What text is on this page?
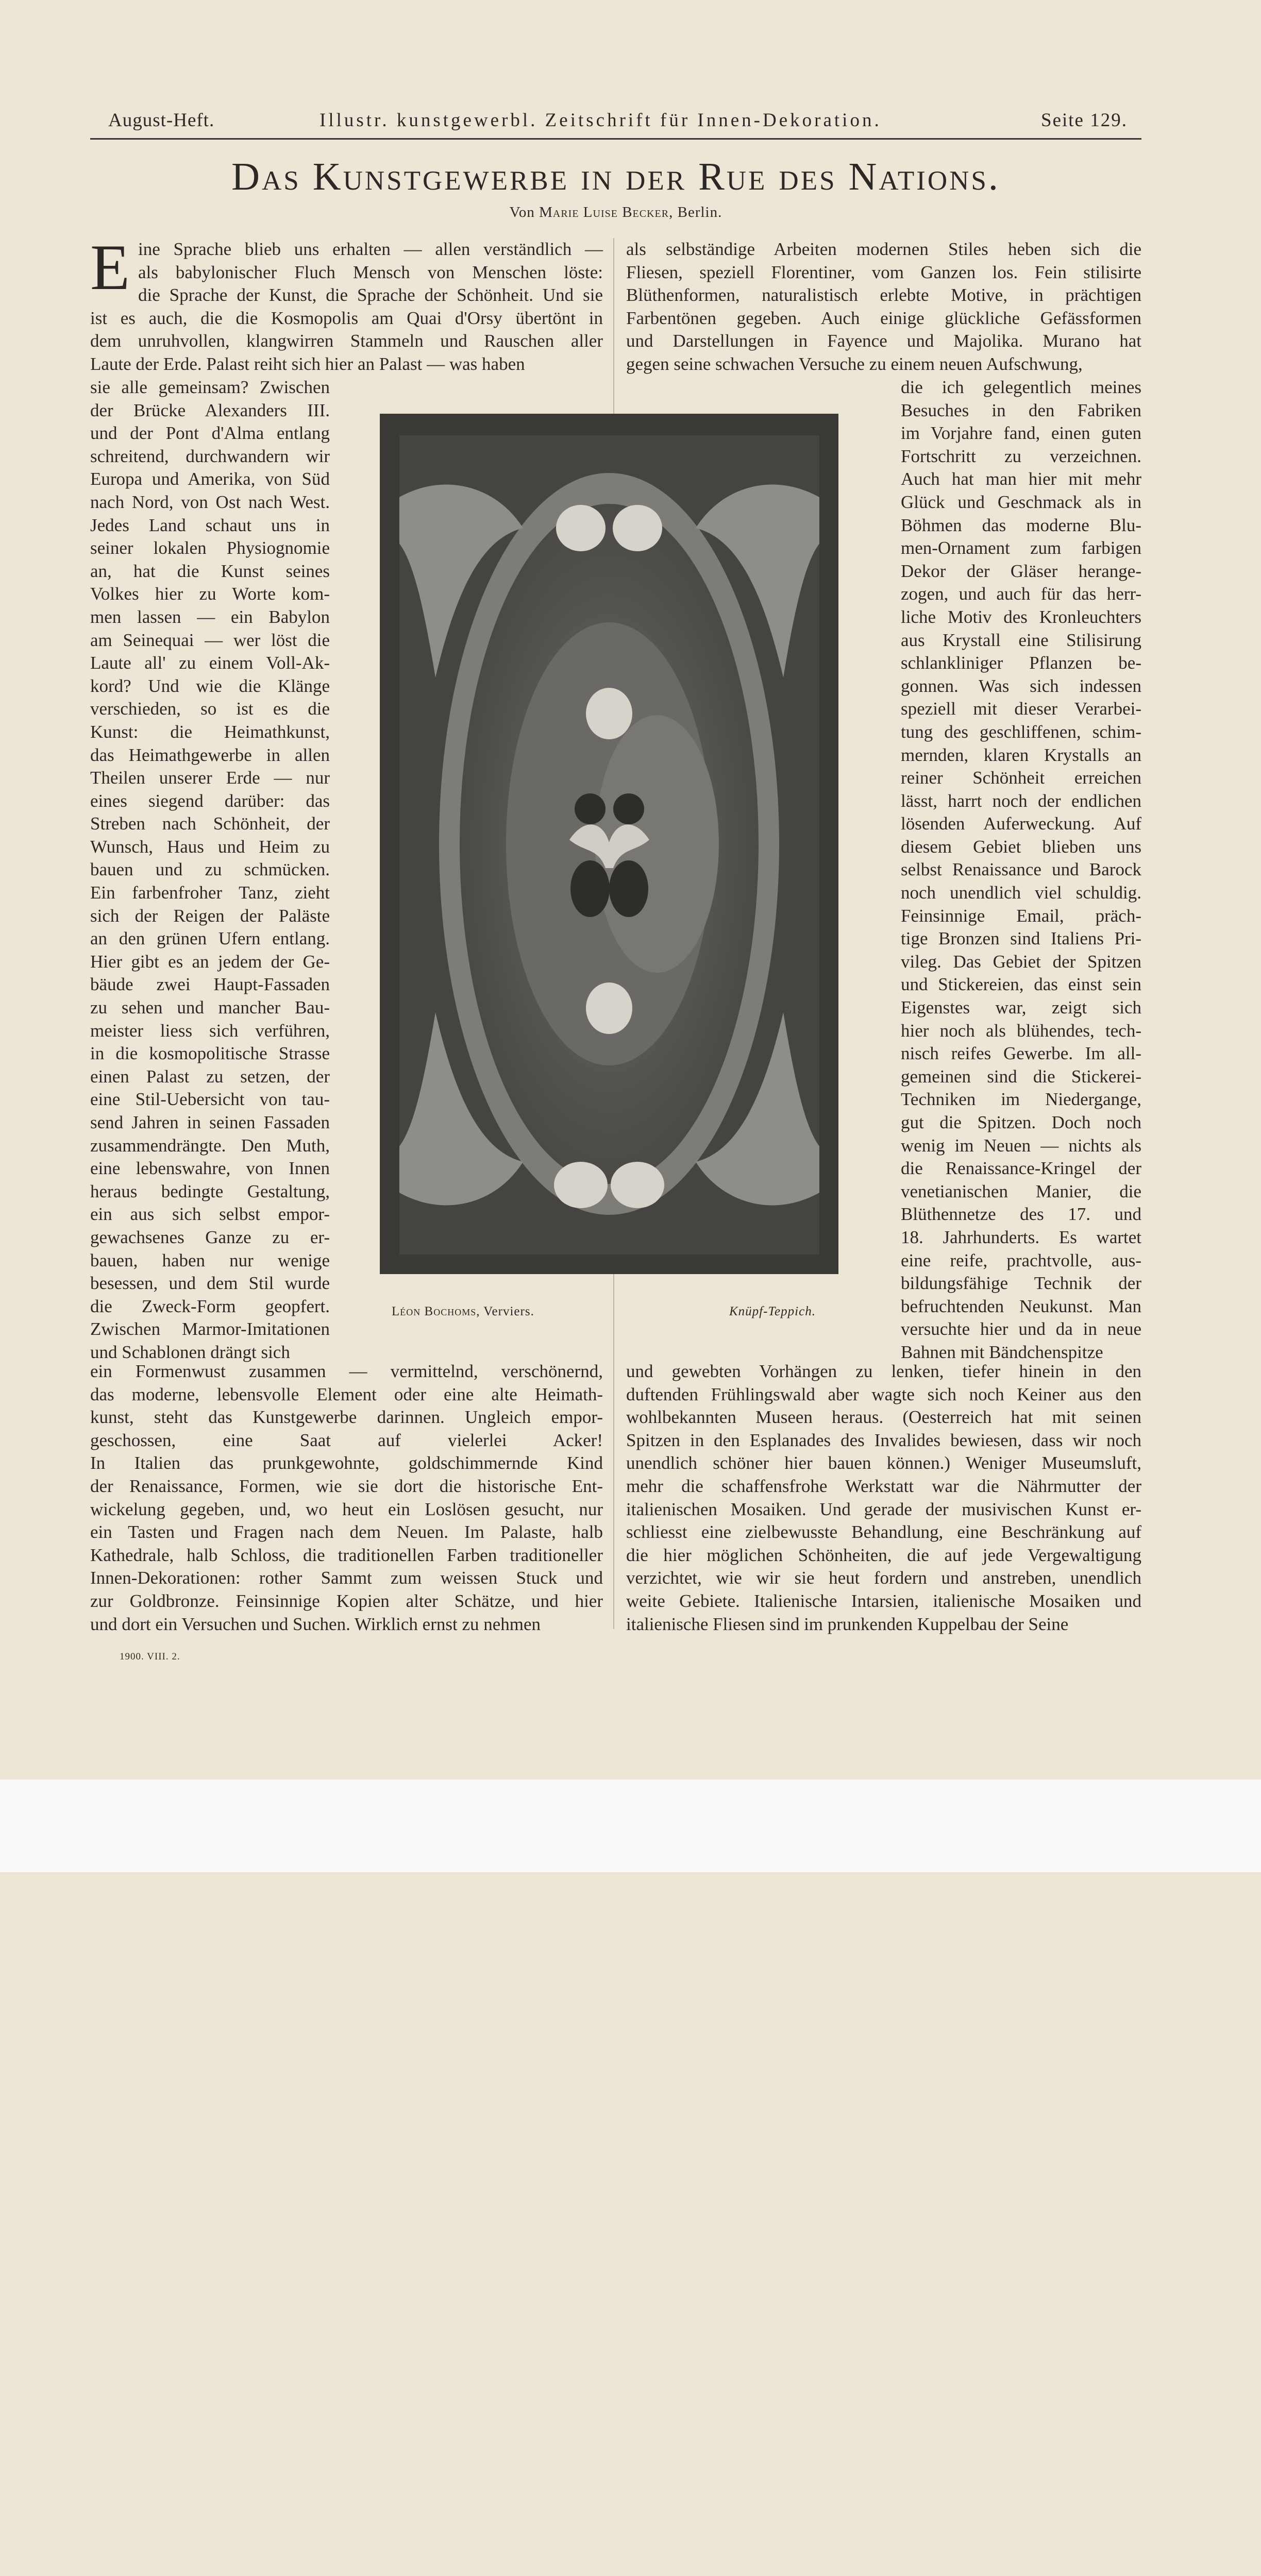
August-Heft.	Illustr. kunstgewerbl. Zeitschrift für Innen-Dekoration.	Seite 129.
Das Kunstgewerbe in der Rue des Nations.
Von Marie Luise Becker, Berlin.
E ine Sprache blieb uns erhalten — allen verständlich —
als babylonischer Fluch Mensch von Menschen löste:
die Sprache der Kunst, die Sprache der Schönheit. Und sie
ist es auch, die die Kosmopolis am Quai d'Orsy übertönt in
dem unruhvollen, klangwirren Stammeln und Rauschen aller
Laute der Erde. Palast reiht sich hier an Palast — was haben
sie alle gemeinsam? Zwischen
der Brücke Alexanders III.
und der Pont d'Alma entlang
schreitend, durchwandern wir
Europa und Amerika, von Süd
nach Nord, von Ost nach West.
Jedes Land schaut uns in
seiner lokalen Physiognomie
an, hat die Kunst seines
Volkes hier zu Worte kom-
men lassen — ein Babylon
am Seinequai — wer löst die
Laute all' zu einem Voll-Ak-
kord? Und wie die Klänge
verschieden, so ist es die
Kunst: die Heimathkunst,
das Heimathgewerbe in allen
Theilen unserer Erde — nur
eines siegend darüber: das
Streben nach Schönheit, der
Wunsch, Haus und Heim zu
bauen und zu schmücken.
Ein farbenfroher Tanz, zieht
sich der Reigen der Paläste
an den grünen Ufern entlang.
Hier gibt es an jedem der Ge-
bäude zwei Haupt-Fassaden
zu sehen und mancher Bau-
meister liess sich verführen,
in die kosmopolitische Strasse
einen Palast zu setzen, der
eine Stil-Uebersicht von tau-
send Jahren in seinen Fassaden
zusammendrängte. Den Muth,
eine lebenswahre, von Innen
heraus bedingte Gestaltung,
ein aus sich selbst empor-
gewachsenes Ganze zu er-
bauen, haben nur wenige
besessen, und dem Stil wurde
die Zweck-Form geopfert.
Zwischen Marmor-Imitationen
und Schablonen drängt sich
ein Formenwust zusammen — vermittelnd, verschönernd,
das moderne, lebensvolle Element oder eine alte Heimath-
kunst, steht das Kunstgewerbe darinnen. Ungleich empor-
geschossen, eine Saat auf vielerlei Acker!
In Italien das prunkgewohnte, goldschimmernde Kind
der Renaissance, Formen, wie sie dort die historische Ent-
wickelung gegeben, und, wo heut ein Loslösen gesucht, nur
ein Tasten und Fragen nach dem Neuen. Im Palaste, halb
Kathedrale, halb Schloss, die traditionellen Farben traditioneller
Innen-Dekorationen: rother Sammt zum weissen Stuck und
zur Goldbronze. Feinsinnige Kopien alter Schätze, und hier
und dort ein Versuchen und Suchen. Wirklich ernst zu nehmen
als selbständige Arbeiten modernen Stiles heben sich die
Fliesen, speziell Florentiner, vom Ganzen los. Fein stilisirte
Blüthenformen, naturalistisch erlebte Motive, in prächtigen
Farbentönen gegeben. Auch einige glückliche Gefässformen
und Darstellungen in Fayence und Majolika. Murano hat
gegen seine schwachen Versuche zu einem neuen Aufschwung,
die ich gelegentlich meines
Besuches in den Fabriken
im Vorjahre fand, einen guten
Fortschritt zu verzeichnen.
Auch hat man hier mit mehr
Glück und Geschmack als in
Böhmen das moderne Blu-
men-Ornament zum farbigen
Dekor der Gläser herange-
zogen, und auch für das herr-
liche Motiv des Kronleuchters
aus Krystall eine Stilisirung
schlankliniger Pflanzen be-
gonnen. Was sich indessen
speziell mit dieser Verarbei-
tung des geschliffenen, schim-
mernden, klaren Krystalls an
reiner Schönheit erreichen
lässt, harrt noch der endlichen
lösenden Auferweckung. Auf
diesem Gebiet blieben uns
selbst Renaissance und Barock
noch unendlich viel schuldig.
Feinsinnige Email, präch-
tige Bronzen sind Italiens Pri-
vileg. Das Gebiet der Spitzen
und Stickereien, das einst sein
Eigenstes war, zeigt sich
hier noch als blühendes, tech-
nisch reifes Gewerbe. Im all-
gemeinen sind die Stickerei-
Techniken im Niedergange,
gut die Spitzen. Doch noch
wenig im Neuen — nichts als
die Renaissance-Kringel der
venetianischen Manier, die
Blüthennetze des 17. und
18. Jahrhunderts. Es wartet
eine reife, prachtvolle, aus-
bildungsfähige Technik der
befruchtenden Neukunst. Man
versuchte hier und da in neue
Bahnen mit Bändchenspitze
und gewebten Vorhängen zu lenken, tiefer hinein in den
duftenden Frühlingswald aber wagte sich noch Keiner aus den
wohlbekannten Museen heraus. (Oesterreich hat mit seinen
Spitzen in den Esplanades des Invalides bewiesen, dass wir noch
unendlich schöner hier bauen können.) Weniger Museumsluft,
mehr die schaffensfrohe Werkstatt war die Nährmutter der
italienischen Mosaiken. Und gerade der musivischen Kunst er-
schliesst eine zielbewusste Behandlung, eine Beschränkung auf
die hier möglichen Schönheiten, die auf jede Vergewaltigung
verzichtet, wie wir sie heut fordern und anstreben, unendlich
weite Gebiete. Italienische Intarsien, italienische Mosaiken und
italienische Fliesen sind im prunkenden Kuppelbau der Seine
Léon Bochoms, Verviers.	Knüpf-Teppich.
1900. VIII. 2.
